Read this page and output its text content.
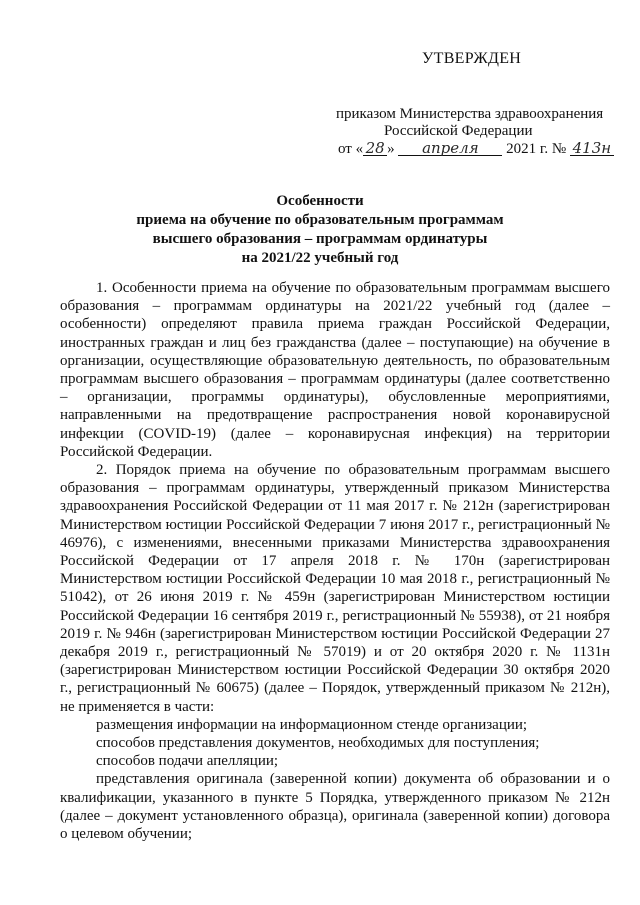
УТВЕРЖДЕН
приказом Министерства здравоохранения
Российской Федерации
от « 28 » апреля 2021 г. № 413н
Особенности
приема на обучение по образовательным программам
высшего образования – программам ординатуры
на 2021/22 учебный год

1. Особенности приема на обучение по образовательным программам высшего образования – программам ординатуры на 2021/22 учебный год (далее – особенности) определяют правила приема граждан Российской Федерации, иностранных граждан и лиц без гражданства (далее – поступающие) на обучение в организации, осуществляющие образовательную деятельность, по образовательным программам высшего образования – программам ординатуры (далее соответственно – организации, программы ординатуры), обусловленные мероприятиями, направленными на предотвращение распространения новой коронавирусной инфекции (COVID-19) (далее – коронавирусная инфекция) на территории Российской Федерации.

2. Порядок приема на обучение по образовательным программам высшего образования – программам ординатуры, утвержденный приказом Министерства здравоохранения Российской Федерации от 11 мая 2017 г. № 212н (зарегистрирован Министерством юстиции Российской Федерации 7 июня 2017 г., регистрационный № 46976), с изменениями, внесенными приказами Министерства здравоохранения Российской Федерации от 17 апреля 2018 г. № 170н (зарегистрирован Министерством юстиции Российской Федерации 10 мая 2018 г., регистрационный № 51042), от 26 июня 2019 г. № 459н (зарегистрирован Министерством юстиции Российской Федерации 16 сентября 2019 г., регистрационный № 55938), от 21 ноября 2019 г. № 946н (зарегистрирован Министерством юстиции Российской Федерации 27 декабря 2019 г., регистрационный № 57019) и от 20 октября 2020 г. № 1131н (зарегистрирован Министерством юстиции Российской Федерации 30 октября 2020 г., регистрационный № 60675) (далее – Порядок, утвержденный приказом № 212н), не применяется в части:

размещения информации на информационном стенде организации;

способов представления документов, необходимых для поступления;

способов подачи апелляции;

представления оригинала (заверенной копии) документа об образовании и о квалификации, указанного в пункте 5 Порядка, утвержденного приказом № 212н (далее – документ установленного образца), оригинала (заверенной копии) договора о целевом обучении;
